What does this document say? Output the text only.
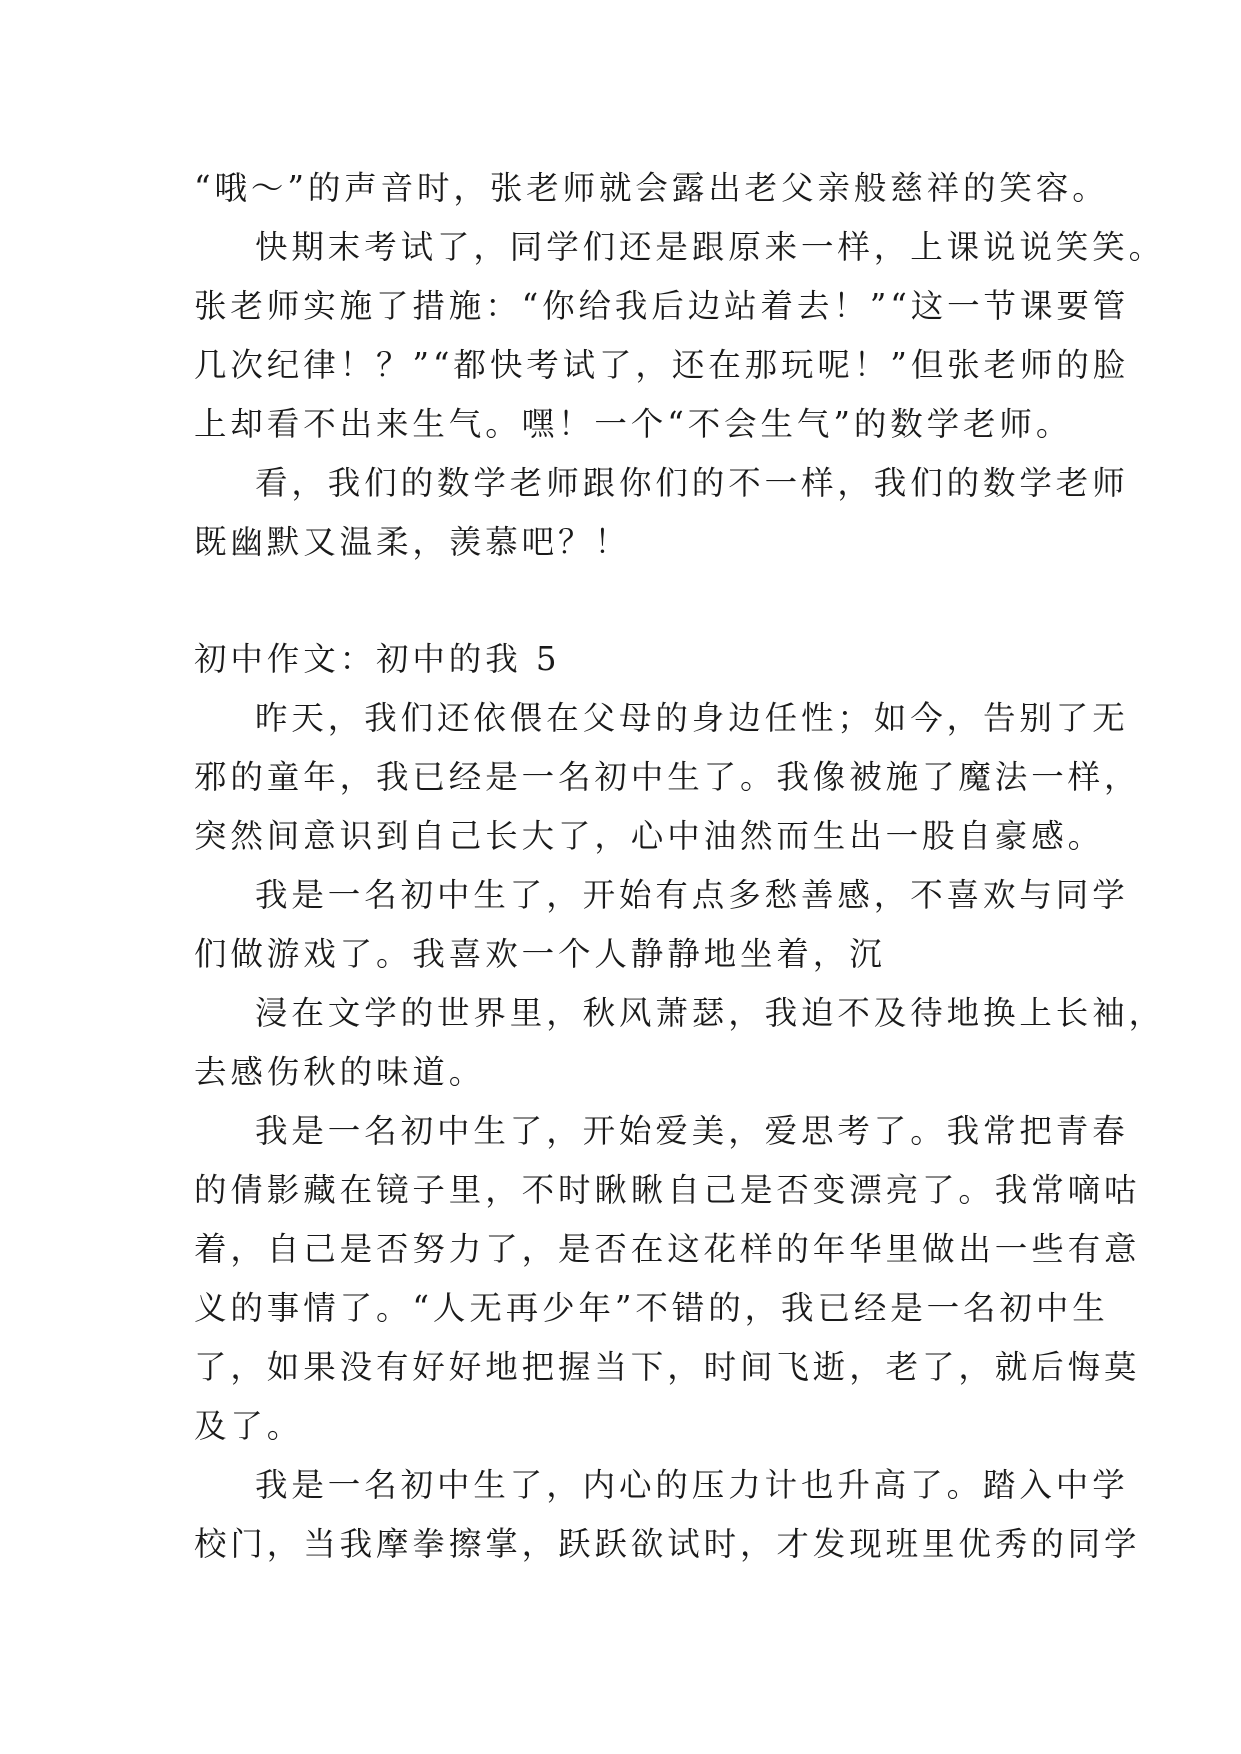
“哦～”的声音时，张老师就会露出老父亲般慈祥的笑容。
快期末考试了，同学们还是跟原来一样，上课说说笑笑。
张老师实施了措施：“你给我后边站着去！”“这一节课要管
几次纪律！？”“都快考试了，还在那玩呢！”但张老师的脸
上却看不出来生气。嘿！一个“不会生气”的数学老师。
看，我们的数学老师跟你们的不一样，我们的数学老师
既幽默又温柔，羡慕吧？！
初中作文：初中的我 5
昨天，我们还依偎在父母的身边任性；如今，告别了无
邪的童年，我已经是一名初中生了。我像被施了魔法一样，
突然间意识到自己长大了，心中油然而生出一股自豪感。
我是一名初中生了，开始有点多愁善感，不喜欢与同学
们做游戏了。我喜欢一个人静静地坐着，沉
浸在文学的世界里，秋风萧瑟，我迫不及待地换上长袖，
去感伤秋的味道。
我是一名初中生了，开始爱美，爱思考了。我常把青春
的倩影藏在镜子里，不时瞅瞅自己是否变漂亮了。我常嘀咕
着，自己是否努力了，是否在这花样的年华里做出一些有意
义的事情了。“人无再少年”不错的，我已经是一名初中生
了，如果没有好好地把握当下，时间飞逝，老了，就后悔莫
及了。
我是一名初中生了，内心的压力计也升高了。踏入中学
校门，当我摩拳擦掌，跃跃欲试时，才发现班里优秀的同学
